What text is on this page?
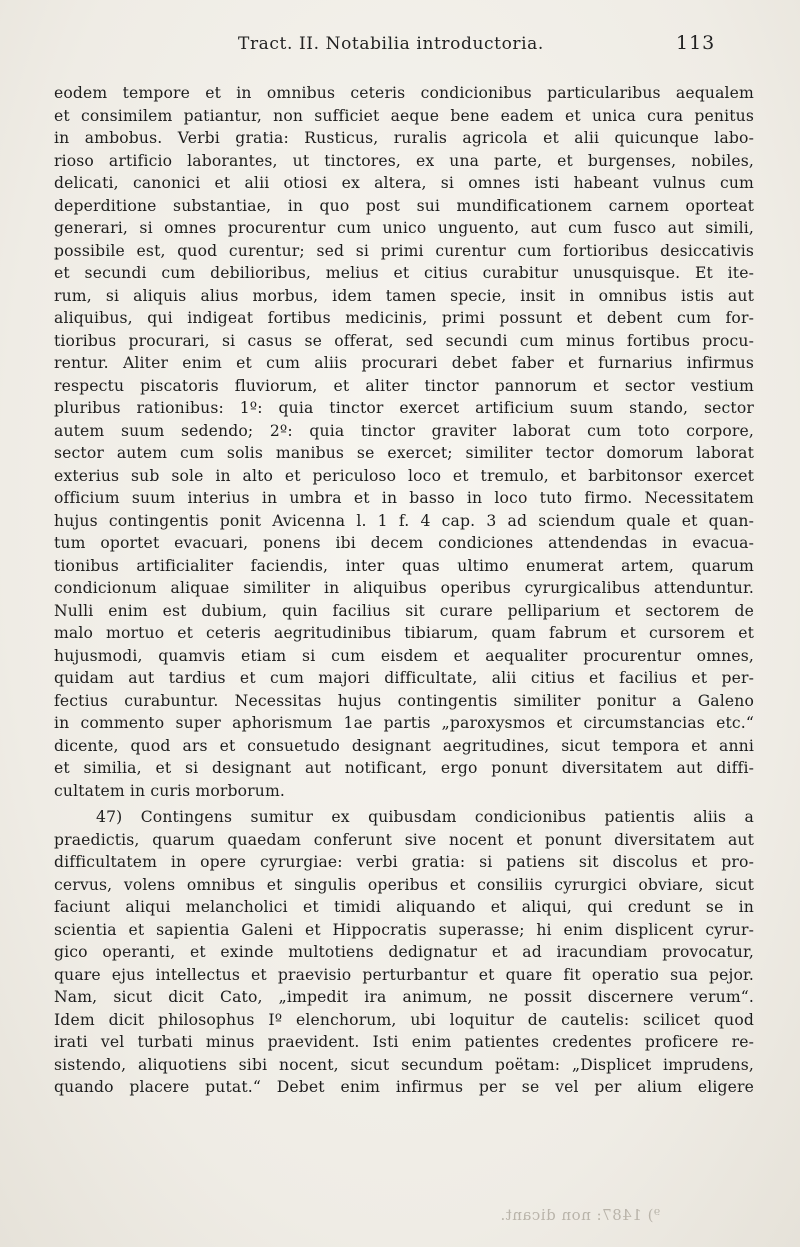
Tract. II. Notabilia introductoria.	113
eodem tempore et in omnibus ceteris condicionibus particularibus aequalem
et consimilem patiantur, non sufficiet aeque bene eadem et unica cura penitus
in ambobus. Verbi gratia: Rusticus, ruralis agricola et alii quicunque labo-
rioso artificio laborantes, ut tinctores, ex una parte, et burgenses, nobiles,
delicati, canonici et alii otiosi ex altera, si omnes isti habeant vulnus cum
deperditione substantiae, in quo post sui mundificationem carnem oporteat
generari, si omnes procurentur cum unico unguento, aut cum fusco aut simili,
possibile est, quod curentur; sed si primi curentur cum fortioribus desiccativis
et secundi cum debilioribus, melius et citius curabitur unusquisque. Et ite-
rum, si aliquis alius morbus, idem tamen specie, insit in omnibus istis aut
aliquibus, qui indigeat fortibus medicinis, primi possunt et debent cum for-
tioribus procurari, si casus se offerat, sed secundi cum minus fortibus procu-
rentur. Aliter enim et cum aliis procurari debet faber et furnarius infirmus
respectu piscatoris fluviorum, et aliter tinctor pannorum et sector vestium
pluribus rationibus: 1º: quia tinctor exercet artificium suum stando, sector
autem suum sedendo; 2º: quia tinctor graviter laborat cum toto corpore,
sector autem cum solis manibus se exercet; similiter tector domorum laborat
exterius sub sole in alto et periculoso loco et tremulo, et barbitonsor exercet
officium suum interius in umbra et in basso in loco tuto firmo. Necessitatem
hujus contingentis ponit Avicenna l. 1 f. 4 cap. 3 ad sciendum quale et quan-
tum oportet evacuari, ponens ibi decem condiciones attendendas in evacua-
tionibus artificialiter faciendis, inter quas ultimo enumerat artem, quarum
condicionum aliquae similiter in aliquibus operibus cyrurgicalibus attenduntur.
Nulli enim est dubium, quin facilius sit curare pelliparium et sectorem de
malo mortuo et ceteris aegritudinibus tibiarum, quam fabrum et cursorem et
hujusmodi, quamvis etiam si cum eisdem et aequaliter procurentur omnes,
quidam aut tardius et cum majori difficultate, alii citius et facilius et per-
fectius curabuntur. Necessitas hujus contingentis similiter ponitur a Galeno
in commento super aphorismum 1ae partis „paroxysmos et circumstancias etc.“
dicente, quod ars et consuetudo designant aegritudines, sicut tempora et anni
et similia, et si designant aut notificant, ergo ponunt diversitatem aut diffi-
cultatem in curis morborum.
47) Contingens sumitur ex quibusdam condicionibus patientis aliis a
praedictis, quarum quaedam conferunt sive nocent et ponunt diversitatem aut
difficultatem in opere cyrurgiae: verbi gratia: si patiens sit discolus et pro-
cervus, volens omnibus et singulis operibus et consiliis cyrurgici obviare, sicut
faciunt aliqui melancholici et timidi aliquando et aliqui, qui credunt se in
scientia et sapientia Galeni et Hippocratis superasse; hi enim displicent cyrur-
gico operanti, et exinde multotiens dedignatur et ad iracundiam provocatur,
quare ejus intellectus et praevisio perturbantur et quare fit operatio sua pejor.
Nam, sicut dicit Cato, „impedit ira animum, ne possit discernere verum“.
Idem dicit philosophus Iº elenchorum, ubi loquitur de cautelis: scilicet quod
irati vel turbati minus praevident. Isti enim patientes credentes proficere re-
sistendo, aliquotiens sibi nocent, sicut secundum poëtam: „Displicet imprudens,
quando placere putat.“ Debet enim infirmus per se vel per alium eligere
⁹) 1487: non dicant.
